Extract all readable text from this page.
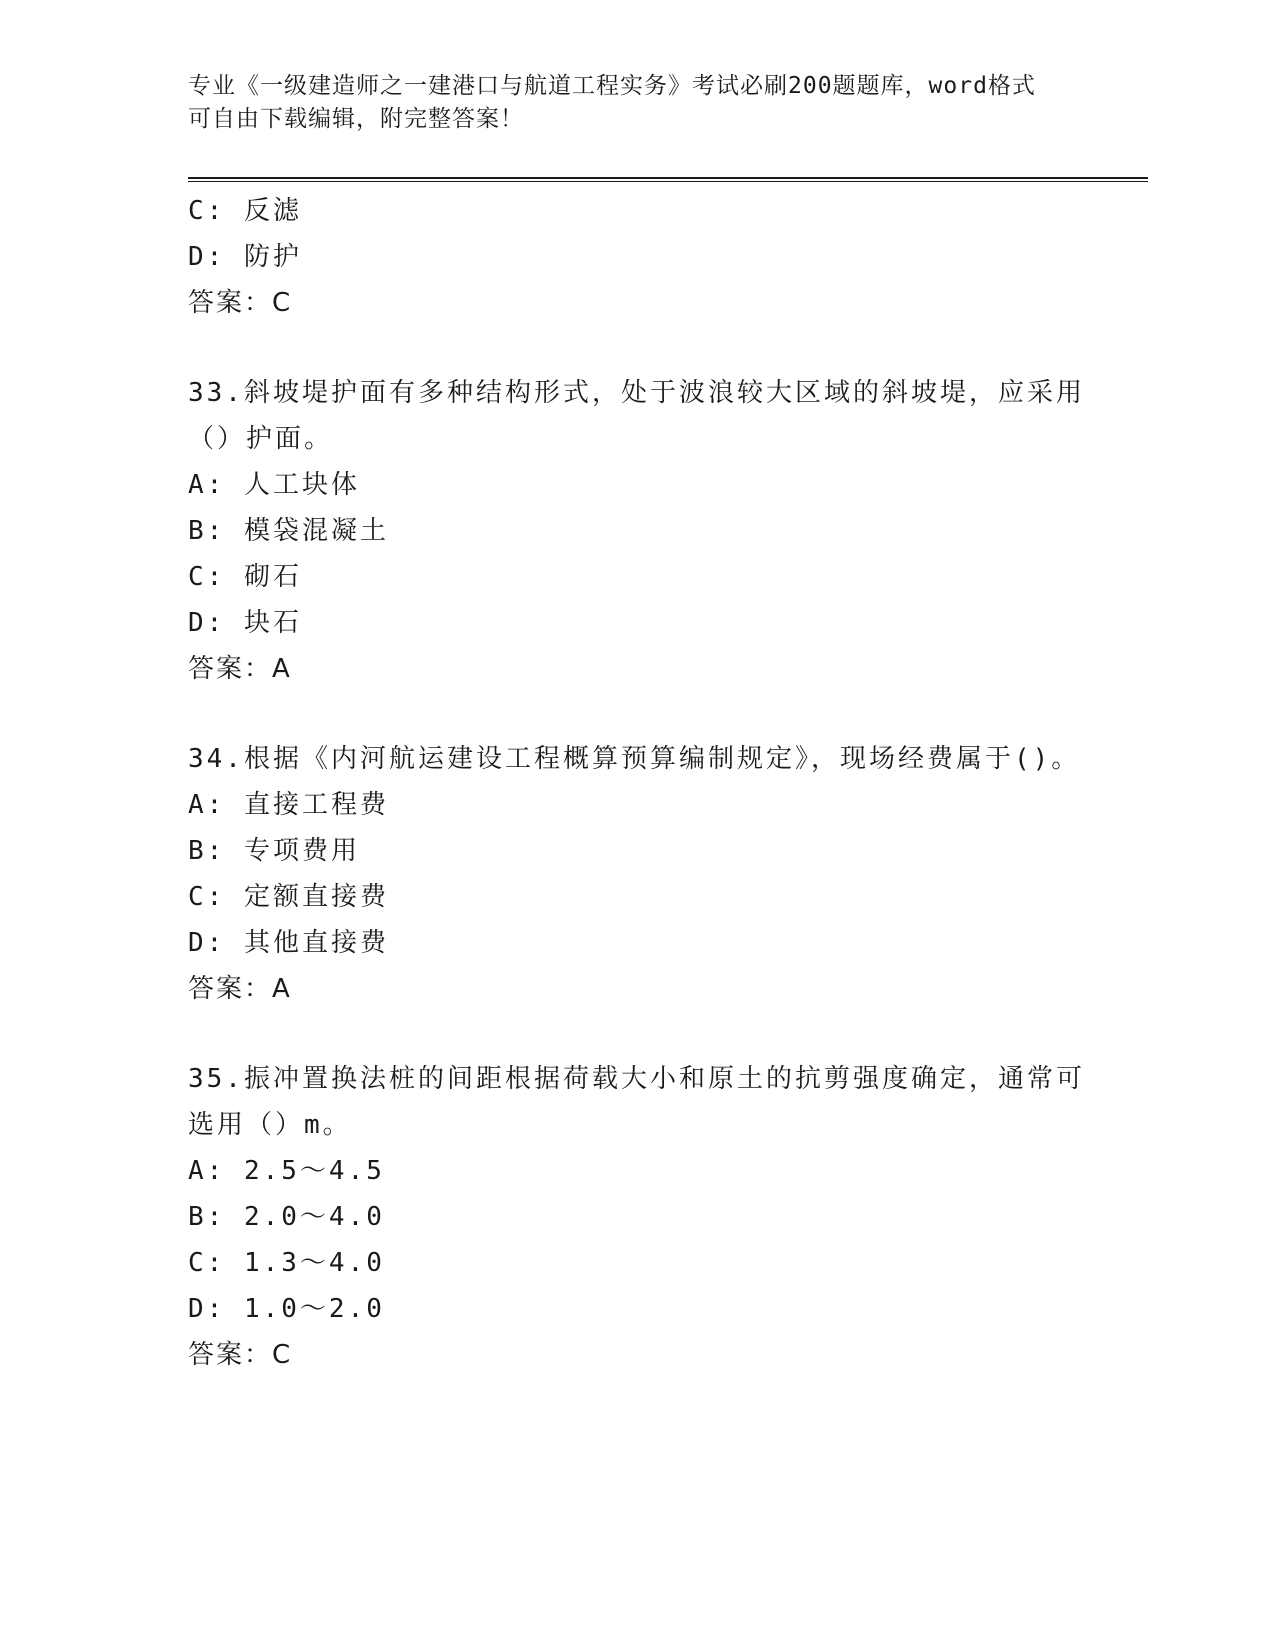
专业《一级建造师之一建港口与航道工程实务》考试必刷200题题库，word格式
可自由下载编辑，附完整答案！
C: 反滤
D: 防护
答案：C
33.斜坡堤护面有多种结构形式，处于波浪较大区域的斜坡堤，应采用
（）护面。
A: 人工块体
B: 模袋混凝土
C: 砌石
D: 块石
答案：A
34.根据《内河航运建设工程概算预算编制规定》，现场经费属于()。
A: 直接工程费
B: 专项费用
C: 定额直接费
D: 其他直接费
答案：A
35.振冲置换法桩的间距根据荷载大小和原土的抗剪强度确定，通常可
选用（）m。
A: 2.5～4.5
B: 2.0～4.0
C: 1.3～4.0
D: 1.0～2.0
答案：C
